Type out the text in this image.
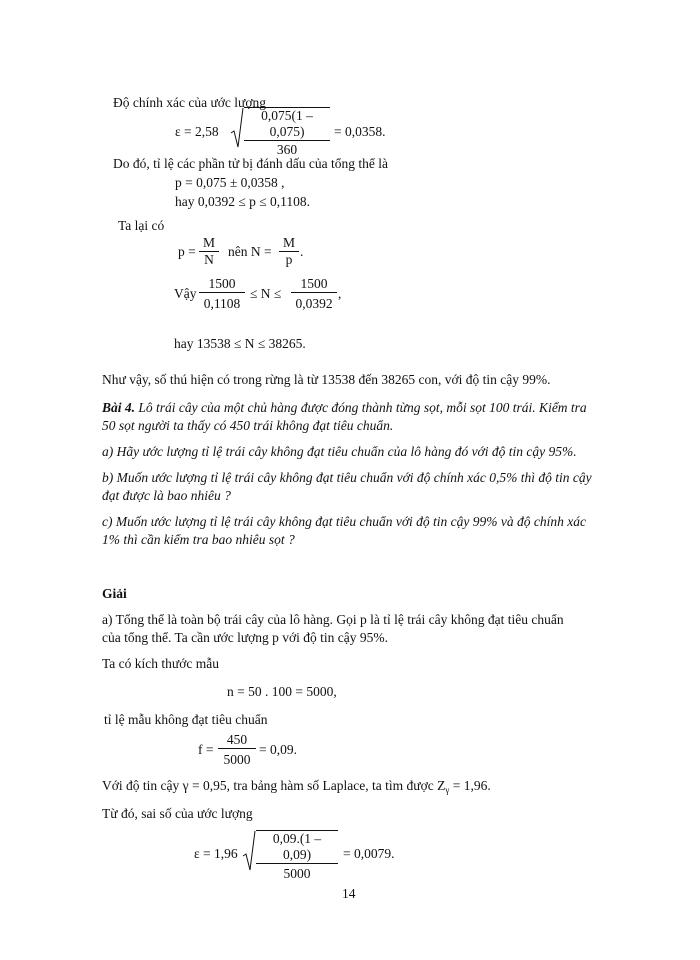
Độ chính xác của ước lượng
$\varepsilon = 2,58 \frac{0,075(1 - 0,075)}{360} = 0,0358$.
Do đó, tỉ lệ các phần tử bị đánh dấu của tổng thể là
p = 0,075 ± 0,0358 ,
hay 0,0392 ≤ p ≤ 0,1108.
Ta lại có
$p = \frac{M}{N}$ nên $N = \frac{M}{p}$ .
Vậy $\frac{1500}{0,1108} \le N \le \frac{1500}{0,0392}$ ,
hay 13538 ≤ N ≤ 38265.
Như vậy, số thú hiện có trong rừng là từ 13538 đến 38265 con, với độ tin cậy 99%.
Bài 4. Lô trái cây của một chủ hàng được đóng thành từng sọt, mỗi sọt 100 trái. Kiểm tra
50 sọt người ta thấy có 450 trái không đạt tiêu chuẩn.
a) Hãy ước lượng tỉ lệ trái cây không đạt tiêu chuẩn của lô hàng đó với độ tin cậy 95%.
b) Muốn ước lượng tỉ lệ trái cây không đạt tiêu chuẩn với độ chính xác 0,5% thì độ tin cậy
đạt được là bao nhiêu ?
c) Muốn ước lượng tỉ lệ trái cây không đạt tiêu chuẩn với độ tin cậy 99% và độ chính xác
1% thì cần kiểm tra bao nhiêu sọt ?
Giải
a) Tổng thể là toàn bộ trái cây của lô hàng. Gọi p là tỉ lệ trái cây không đạt tiêu chuẩn
của tổng thể. Ta cần ước lượng p với độ tin cậy 95%.
Ta có kích thước mẫu
n = 50 . 100 = 5000,
tỉ lệ mẫu không đạt tiêu chuẩn
$f = \frac{450}{5000} = 0,09$.
Với độ tin cậy γ = 0,95, tra bảng hàm số Laplace, ta tìm được $Z_\gamma = 1,96$.
Từ đó, sai số của ước lượng
$\varepsilon = 1,96 \frac{0,09.(1 - 0,09)}{5000} = 0,0079$.
14
